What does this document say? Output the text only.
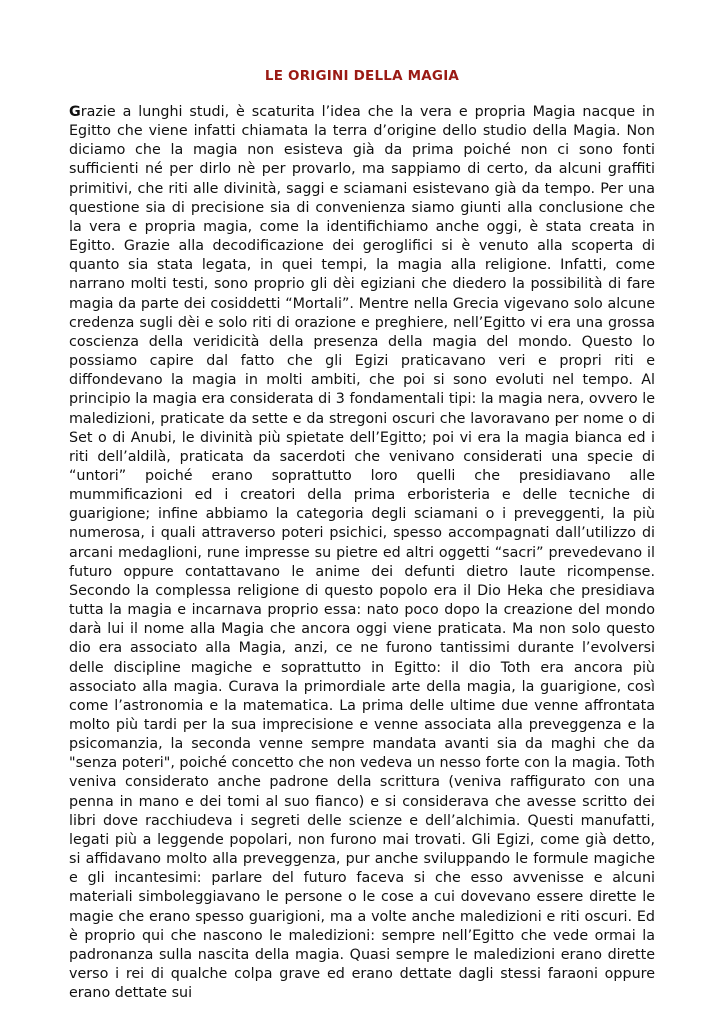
LE ORIGINI DELLA MAGIA

Grazie a lunghi studi, è scaturita l’idea che la vera e propria Magia nacque in Egitto che viene infatti chiamata la terra d’origine dello studio della Magia. Non diciamo che la magia non esisteva già da prima poiché non ci sono fonti sufficienti né per dirlo nè per provarlo, ma sappiamo di certo, da alcuni graffiti primitivi, che riti alle divinità, saggi e sciamani esistevano già da tempo. Per una questione sia di precisione sia di convenienza siamo giunti alla conclusione che la vera e propria magia, come la identifichiamo anche oggi, è stata creata in Egitto. Grazie alla decodificazione dei geroglifici si è venuto alla scoperta di quanto sia stata legata, in quei tempi, la magia alla religione. Infatti, come narrano molti testi, sono proprio gli dèi egiziani che diedero la possibilità di fare magia da parte dei cosiddetti “Mortali”. Mentre nella Grecia vigevano solo alcune credenza sugli dèi e solo riti di orazione e preghiere, nell’Egitto vi era una grossa coscienza della veridicità della presenza della magia del mondo. Questo lo possiamo capire dal fatto che gli Egizi praticavano veri e propri riti e diffondevano la magia in molti ambiti, che poi si sono evoluti nel tempo. Al principio la magia era considerata di 3 fondamentali tipi: la magia nera, ovvero le maledizioni, praticate da sette e da stregoni oscuri che lavoravano per nome o di Set o di Anubi, le divinità più spietate dell’Egitto; poi vi era la magia bianca ed i riti dell’aldilà, praticata da sacerdoti che venivano considerati una specie di “untori” poiché erano soprattutto loro quelli che presidiavano alle mummificazioni ed i creatori della prima erboristeria e delle tecniche di guarigione; infine abbiamo la categoria degli sciamani o i preveggenti, la più numerosa, i quali attraverso poteri psichici, spesso accompagnati dall’utilizzo di arcani medaglioni, rune impresse su pietre ed altri oggetti “sacri” prevedevano il futuro oppure contattavano le anime dei defunti dietro laute ricompense. Secondo la complessa religione di questo popolo era il Dio Heka che presidiava tutta la magia e incarnava proprio essa: nato poco dopo la creazione del mondo darà lui il nome alla Magia che ancora oggi viene praticata. Ma non solo questo dio era associato alla Magia, anzi, ce ne furono tantissimi durante l’evolversi delle discipline magiche e soprattutto in Egitto: il dio Toth era ancora più associato alla magia. Curava la primordiale arte della magia, la guarigione, così come l’astronomia e la matematica. La prima delle ultime due venne affrontata molto più tardi per la sua imprecisione e venne associata alla preveggenza e la psicomanzia, la seconda venne sempre mandata avanti sia da maghi che da "senza poteri", poiché concetto che non vedeva un nesso forte con la magia. Toth veniva considerato anche padrone della scrittura (veniva raffigurato con una penna in mano e dei tomi al suo fianco) e si considerava che avesse scritto dei libri dove racchiudeva i segreti delle scienze e dell’alchimia. Questi manufatti, legati più a leggende popolari, non furono mai trovati. Gli Egizi, come già detto, si affidavano molto alla preveggenza, pur anche sviluppando le formule magiche e gli incantesimi: parlare del futuro faceva si che esso avvenisse e alcuni materiali simboleggiavano le persone o le cose a cui dovevano essere dirette le magie che erano spesso guarigioni, ma a volte anche maledizioni e riti oscuri. Ed è proprio qui che nascono le maledizioni: sempre nell’Egitto che vede ormai la padronanza sulla nascita della magia. Quasi sempre le maledizioni erano dirette verso i rei di qualche colpa grave ed erano dettate dagli stessi faraoni oppure erano dettate sui
